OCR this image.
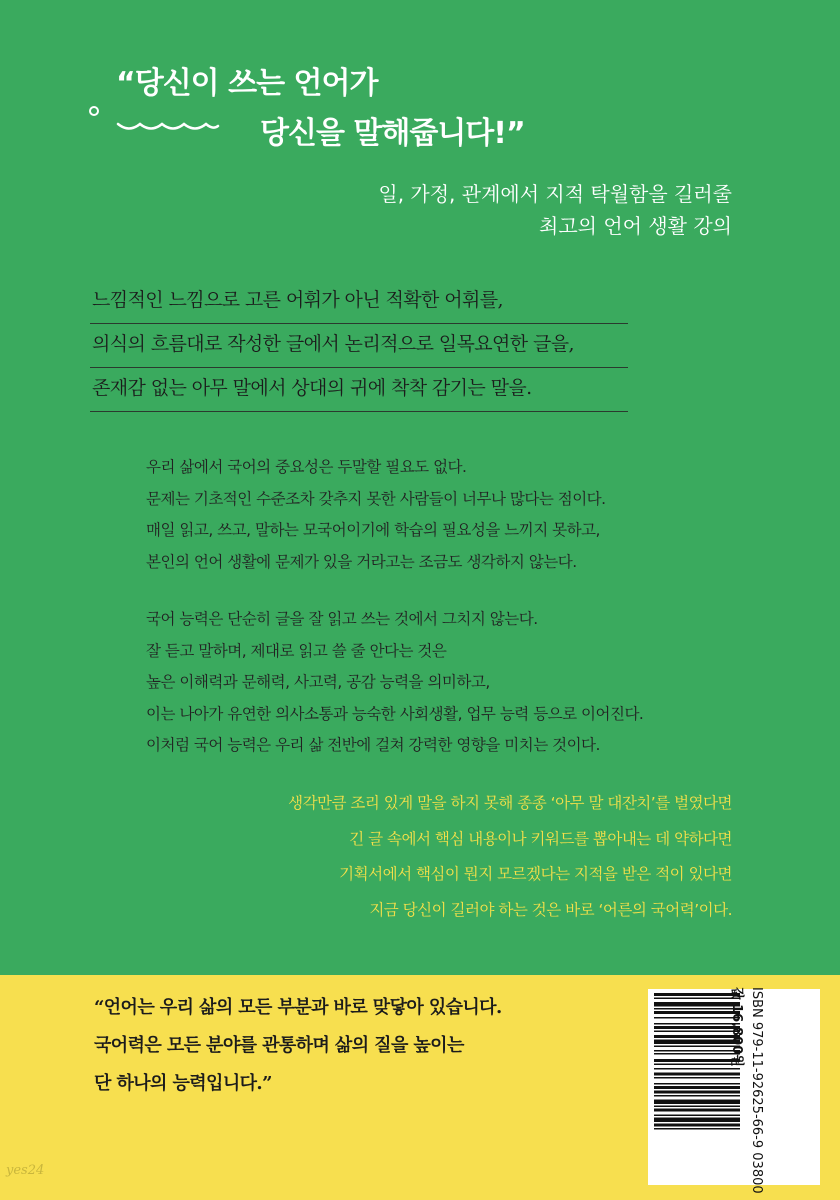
“당신이 쓰는 언어가
당신을 말해줍니다!”
일, 가정, 관계에서 지적 탁월함을 길러줄
최고의 언어 생활 강의
느낌적인 느낌으로 고른 어휘가 아닌 적확한 어휘를,
의식의 흐름대로 작성한 글에서 논리적으로 일목요연한 글을,
존재감 없는 아무 말에서 상대의 귀에 착착 감기는 말을.
우리 삶에서 국어의 중요성은 두말할 필요도 없다.
문제는 기초적인 수준조차 갖추지 못한 사람들이 너무나 많다는 점이다.
매일 읽고, 쓰고, 말하는 모국어이기에 학습의 필요성을 느끼지 못하고,
본인의 언어 생활에 문제가 있을 거라고는 조금도 생각하지 않는다.
국어 능력은 단순히 글을 잘 읽고 쓰는 것에서 그치지 않는다.
잘 듣고 말하며, 제대로 읽고 쓸 줄 안다는 것은
높은 이해력과 문해력, 사고력, 공감 능력을 의미하고,
이는 나아가 유연한 의사소통과 능숙한 사회생활, 업무 능력 등으로 이어진다.
이처럼 국어 능력은 우리 삶 전반에 걸쳐 강력한 영향을 미치는 것이다.
생각만큼 조리 있게 말을 하지 못해 종종 ‘아무 말 대잔치’를 벌였다면
긴 글 속에서 핵심 내용이나 키워드를 뽑아내는 데 약하다면
기획서에서 핵심이 뭔지 모르겠다는 지적을 받은 적이 있다면
지금 당신이 길러야 하는 것은 바로 ‘어른의 국어력’이다.
“언어는 우리 삶의 모든 부분과 바로 맞닿아 있습니다.
국어력은 모든 분야를 관통하며 삶의 질을 높이는
단 하나의 능력입니다.”	ISBN 979-11-92625-66-9 03800
값 16,800원
yes24
